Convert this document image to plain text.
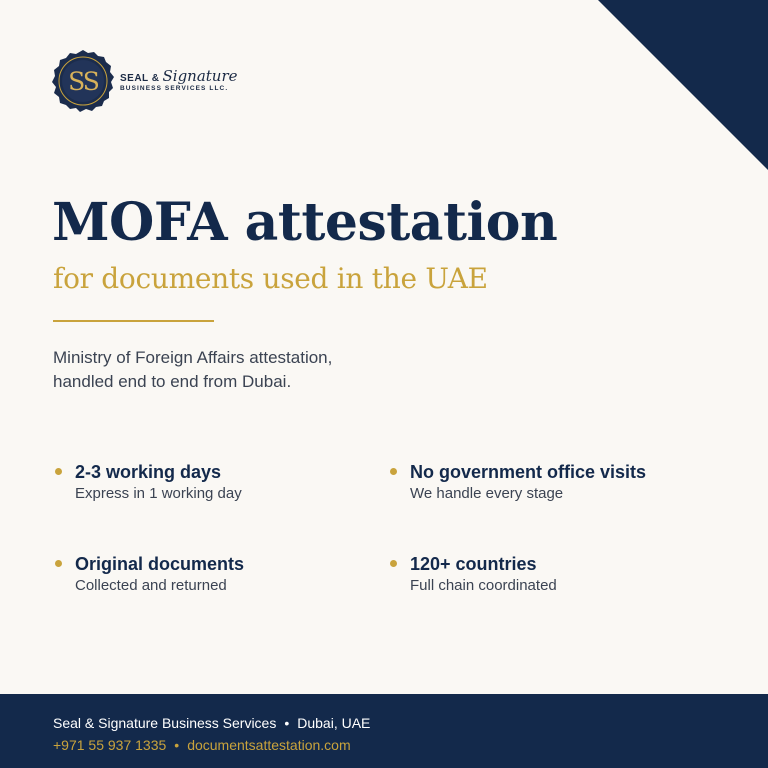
SS SEAL & Signature
BUSINESS SERVICES LLC.
MOFA attestation
for documents used in the UAE
Ministry of Foreign Affairs attestation,
handled end to end from Dubai.
2-3 working days
Express in 1 working day
No government office visits
We handle every stage
Original documents
Collected and returned
120+ countries
Full chain coordinated
Seal & Signature Business Services • Dubai, UAE
+971 55 937 1335 • documentsattestation.com
